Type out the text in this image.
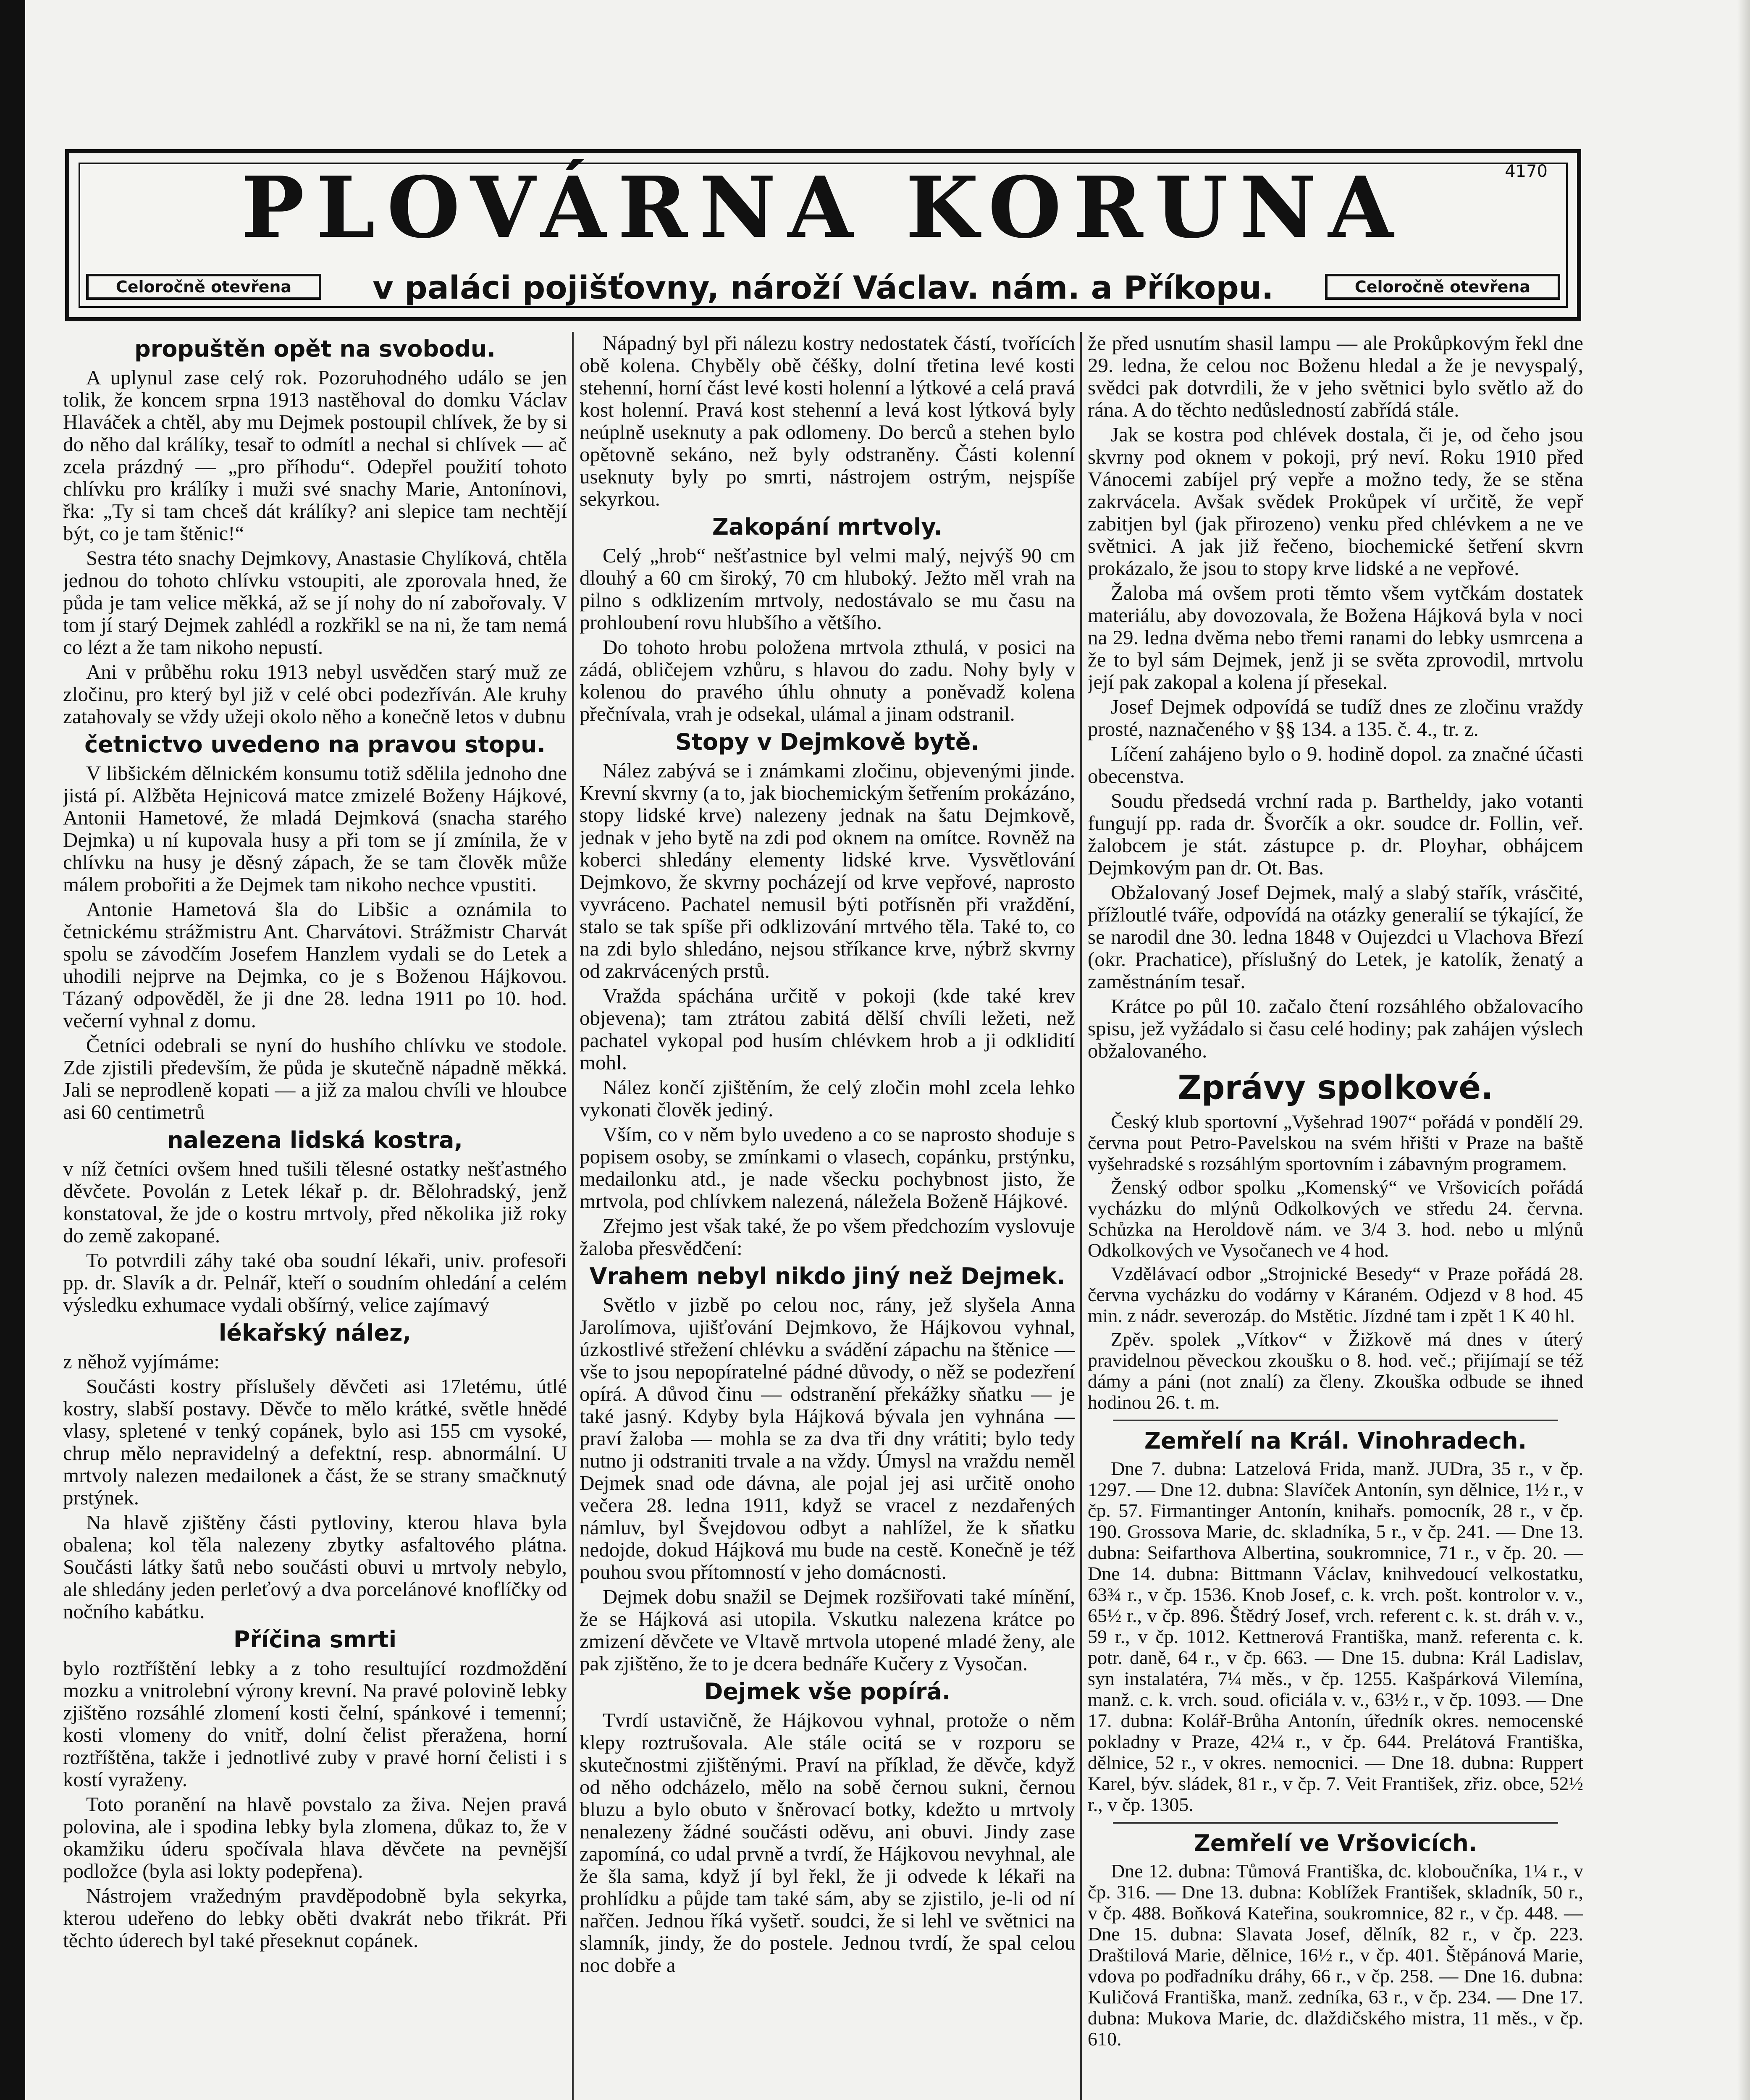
PLOVÁRNA KORUNA	4170
Celoročně otevřena	v paláci pojišťovny, nároží Václav. nám. a Příkopu.	Celoročně otevřena
propuštěn opět na svobodu.

A uplynul zase celý rok. Pozoruhodného událo se jen tolik, že koncem srpna 1913 nastěhoval do domku Václav Hlaváček a chtěl, aby mu Dejmek postoupil chlívek, že by si do něho dal králíky, tesař to odmítl a nechal si chlívek — ač zcela prázdný — „pro příhodu“. Odepřel použití tohoto chlívku pro králíky i muži své snachy Marie, Antonínovi, řka: „Ty si tam chceš dát králíky? ani slepice tam nechtějí být, co je tam štěnic!“

Sestra této snachy Dejmkovy, Anastasie Chylíková, chtěla jednou do tohoto chlívku vstoupiti, ale zporovala hned, že půda je tam velice měkká, až se jí nohy do ní zabořovaly. V tom jí starý Dejmek zahlédl a rozkřikl se na ni, že tam nemá co lézt a že tam nikoho nepustí.

Ani v průběhu roku 1913 nebyl usvědčen starý muž ze zločinu, pro který byl již v celé obci podezříván. Ale kruhy zatahovaly se vždy užeji okolo něho a konečně letos v dubnu

četnictvo uvedeno na pravou stopu.

V libšickém dělnickém konsumu totiž sdělila jednoho dne jistá pí. Alžběta Hejnicová matce zmizelé Boženy Hájkové, Antonii Hametové, že mladá Dejmková (snacha starého Dejmka) u ní kupovala husy a při tom se jí zmínila, že v chlívku na husy je děsný zápach, že se tam člověk může málem probořiti a že Dejmek tam nikoho nechce vpustiti.

Antonie Hametová šla do Libšic a oznámila to četnickému strážmistru Ant. Charvátovi. Strážmistr Charvát spolu se závodčím Josefem Hanzlem vydali se do Letek a uhodili nejprve na Dejmka, co je s Boženou Hájkovou. Tázaný odpověděl, že ji dne 28. ledna 1911 po 10. hod. večerní vyhnal z domu.

Četníci odebrali se nyní do hushího chlívku ve stodole. Zde zjistili především, že půda je skutečně nápadně měkká. Jali se neprodleně kopati — a již za malou chvíli ve hloubce asi 60 centimetrů

nalezena lidská kostra,

v níž četníci ovšem hned tušili tělesné ostatky nešťastného děvčete. Povolán z Letek lékař p. dr. Bělohradský, jenž konstatoval, že jde o kostru mrtvoly, před několika již roky do země zakopané.

To potvrdili záhy také oba soudní lékaři, univ. profesoři pp. dr. Slavík a dr. Pelnář, kteří o soudním ohledání a celém výsledku exhumace vydali obšírný, velice zajímavý

lékařský nález,

z něhož vyjímáme:

Součásti kostry příslušely děvčeti asi 17letému, útlé kostry, slabší postavy. Děvče to mělo krátké, světle hnědé vlasy, spletené v tenký copánek, bylo asi 155 cm vysoké, chrup mělo nepravidelný a defektní, resp. abnormální. U mrtvoly nalezen medailonek a část, že se strany smačknutý prstýnek.

Na hlavě zjištěny části pytloviny, kterou hlava byla obalena; kol těla nalezeny zbytky asfaltového plátna. Součásti látky šatů nebo součásti obuvi u mrtvoly nebylo, ale shledány jeden perleťový a dva porcelánové knoflíčky od nočního kabátku.

Příčina smrti

bylo roztříštění lebky a z toho resultující rozdmoždění mozku a vnitrolební výrony krevní. Na pravé polovině lebky zjištěno rozsáhlé zlomení kosti čelní, spánkové i temenní; kosti vlomeny do vnitř, dolní čelist přeražena, horní roztříštěna, takže i jednotlivé zuby v pravé horní čelisti i s kostí vyraženy.

Toto poranění na hlavě povstalo za živa. Nejen pravá polovina, ale i spodina lebky byla zlomena, důkaz to, že v okamžiku úderu spočívala hlava děvčete na pevnější podložce (byla asi lokty podepřena).

Nástrojem vražedným pravděpodobně byla sekyrka, kterou udeřeno do lebky oběti dvakrát nebo třikrát. Při těchto úderech byl také přeseknut copánek.

Nápadný byl při nálezu kostry nedostatek částí, tvořících obě kolena. Chyběly obě čéšky, dolní třetina levé kosti stehenní, horní část levé kosti holenní a lýtkové a celá pravá kost holenní. Pravá kost stehenní a levá kost lýtková byly neúplně useknuty a pak odlomeny. Do berců a stehen bylo opětovně sekáno, než byly odstraněny. Části kolenní useknuty byly po smrti, nástrojem ostrým, nejspíše sekyrkou.

Zakopání mrtvoly.

Celý „hrob“ nešťastnice byl velmi malý, nejvýš 90 cm dlouhý a 60 cm široký, 70 cm hluboký. Ježto měl vrah na pilno s odklizením mrtvoly, nedostávalo se mu času na prohloubení rovu hlubšího a většího.

Do tohoto hrobu položena mrtvola zthulá, v posici na zádá, obličejem vzhůru, s hlavou do zadu. Nohy byly v kolenou do pravého úhlu ohnuty a poněvadž kolena přečnívala, vrah je odsekal, ulámal a jinam odstranil.

Stopy v Dejmkově bytě.

Nález zabývá se i známkami zločinu, objevenými jinde. Krevní skvrny (a to, jak biochemickým šetřením prokázáno, stopy lidské krve) nalezeny jednak na šatu Dejmkově, jednak v jeho bytě na zdi pod oknem na omítce. Rovněž na koberci shledány elementy lidské krve. Vysvětlování Dejmkovo, že skvrny pocházejí od krve vepřové, naprosto vyvráceno. Pachatel nemusil býti potřísněn při vraždění, stalo se tak spíše při odklizování mrtvého těla. Také to, co na zdi bylo shledáno, nejsou stříkance krve, nýbrž skvrny od zakrvácených prstů.

Vražda spáchána určitě v pokoji (kde také krev objevena); tam ztrátou zabitá dělší chvíli ležeti, než pachatel vykopal pod husím chlévkem hrob a ji odklidití mohl.

Nález končí zjištěním, že celý zločin mohl zcela lehko vykonati člověk jediný.

Vším, co v něm bylo uvedeno a co se naprosto shoduje s popisem osoby, se zmínkami o vlasech, copánku, prstýnku, medailonku atd., je nade všecku pochybnost jisto, že mrtvola, pod chlívkem nalezená, náležela Boženě Hájkové.

Zřejmo jest však také, že po všem předchozím vyslovuje žaloba přesvědčení:

Vrahem nebyl nikdo jiný než Dejmek.

Světlo v jizbě po celou noc, rány, jež slyšela Anna Jarolímova, ujišťování Dejmkovo, že Hájkovou vyhnal, úzkostlivé střežení chlévku a svádění zápachu na štěnice — vše to jsou nepopíratelné pádné důvody, o něž se podezření opírá. A důvod činu — odstranění překážky sňatku — je také jasný. Kdyby byla Hájková bývala jen vyhnána — praví žaloba — mohla se za dva tři dny vrátiti; bylo tedy nutno ji odstraniti trvale a na vždy. Úmysl na vraždu neměl Dejmek snad ode dávna, ale pojal jej asi určitě onoho večera 28. ledna 1911, když se vracel z nezdařených námluv, byl Švejdovou odbyt a nahlížel, že k sňatku nedojde, dokud Hájková mu bude na cestě. Konečně je též pouhou svou přítomností v jeho domácnosti.

Dejmek dobu snažil se Dejmek rozšiřovati také mínění, že se Hájková asi utopila. Vskutku nalezena krátce po zmizení děvčete ve Vltavě mrtvola utopené mladé ženy, ale pak zjištěno, že to je dcera bednáře Kučery z Vysočan.

Dejmek vše popírá.

Tvrdí ustavičně, že Hájkovou vyhnal, protože o něm klepy roztrušovala. Ale stále ocitá se v rozporu se skutečnostmi zjištěnými. Praví na příklad, že děvče, když od něho odcházelo, mělo na sobě černou sukni, černou bluzu a bylo obuto v šněrovací botky, kdežto u mrtvoly nenalezeny žádné součásti oděvu, ani obuvi. Jindy zase zapomíná, co udal prvně a tvrdí, že Hájkovou nevyhnal, ale že šla sama, když jí byl řekl, že ji odvede k lékaři na prohlídku a půjde tam také sám, aby se zjistilo, je-li od ní nařčen. Jednou říká vyšetř. soudci, že si lehl ve světnici na slamník, jindy, že do postele. Jednou tvrdí, že spal celou noc dobře a

že před usnutím shasil lampu — ale Prokůpkovým řekl dne 29. ledna, že celou noc Boženu hledal a že je nevyspalý, svědci pak dotvrdili, že v jeho světnici bylo světlo až do rána. A do těchto nedůsledností zabřídá stále.

Jak se kostra pod chlévek dostala, či je, od čeho jsou skvrny pod oknem v pokoji, prý neví. Roku 1910 před Vánocemi zabíjel prý vepře a možno tedy, že se stěna zakrvácela. Avšak svědek Prokůpek ví určitě, že vepř zabitjen byl (jak přirozeno) venku před chlévkem a ne ve světnici. A jak již řečeno, biochemické šetření skvrn prokázalo, že jsou to stopy krve lidské a ne vepřové.

Žaloba má ovšem proti těmto všem vytčkám dostatek materiálu, aby dovozovala, že Božena Hájková byla v noci na 29. ledna dvěma nebo třemi ranami do lebky usmrcena a že to byl sám Dejmek, jenž ji se světa zprovodil, mrtvolu její pak zakopal a kolena jí přesekal.

Josef Dejmek odpovídá se tudíž dnes ze zločinu vraždy prosté, naznačeného v §§ 134. a 135. č. 4., tr. z.

Líčení zahájeno bylo o 9. hodině dopol. za značné účasti obecenstva.

Soudu předsedá vrchní rada p. Bartheldy, jako votanti fungují pp. rada dr. Švorčík a okr. soudce dr. Follin, veř. žalobcem je stát. zástupce p. dr. Ployhar, obhájcem Dejmkovým pan dr. Ot. Bas.

Obžalovaný Josef Dejmek, malý a slabý stařík, vrásčité, přížloutlé tváře, odpovídá na otázky generalií se týkající, že se narodil dne 30. ledna 1848 v Oujezdci u Vlachova Březí (okr. Prachatice), příslušný do Letek, je katolík, ženatý a zaměstnáním tesař.

Krátce po půl 10. začalo čtení rozsáhlého obžalovacího spisu, jež vyžádalo si času celé hodiny; pak zahájen výslech obžalovaného.

Zprávy spolkové.

Český klub sportovní „Vyšehrad 1907“ pořádá v pondělí 29. června pout Petro-Pavelskou na svém hřišti v Praze na baště vyšehradské s rozsáhlým sportovním i zábavným programem.

Ženský odbor spolku „Komenský“ ve Vršovicích pořádá vycházku do mlýnů Odkolkových ve středu 24. června. Schůzka na Heroldově nám. ve 3/4 3. hod. nebo u mlýnů Odkolkových ve Vysočanech ve 4 hod.

Vzdělávací odbor „Strojnické Besedy“ v Praze pořádá 28. června vycházku do vodárny v Káraném. Odjezd v 8 hod. 45 min. z nádr. severozáp. do Mstětic. Jízdné tam i zpět 1 K 40 hl.

Zpěv. spolek „Vítkov“ v Žižkově má dnes v úterý pravidelnou pěveckou zkoušku o 8. hod. več.; přijímají se též dámy a páni (not znalí) za členy. Zkouška odbude se ihned hodinou 26. t. m.

Zemřelí na Král. Vinohradech.

Dne 7. dubna: Latzelová Frida, manž. JUDra, 35 r., v čp. 1297. — Dne 12. dubna: Slavíček Antonín, syn dělnice, 1½ r., v čp. 57. Firmantinger Antonín, knihařs. pomocník, 28 r., v čp. 190. Grossova Marie, dc. skladníka, 5 r., v čp. 241. — Dne 13. dubna: Seifarthova Albertina, soukromnice, 71 r., v čp. 20. — Dne 14. dubna: Bittmann Václav, knihvedoucí velkostatku, 63¾ r., v čp. 1536. Knob Josef, c. k. vrch. pošt. kontrolor v. v., 65½ r., v čp. 896. Štědrý Josef, vrch. referent c. k. st. dráh v. v., 59 r., v čp. 1012. Kettnerová Františka, manž. referenta c. k. potr. daně, 64 r., v čp. 663. — Dne 15. dubna: Král Ladislav, syn instalatéra, 7¼ měs., v čp. 1255. Kašpárková Vilemína, manž. c. k. vrch. soud. oficiála v. v., 63½ r., v čp. 1093. — Dne 17. dubna: Kolář-Brůha Antonín, úředník okres. nemocenské pokladny v Praze, 42¼ r., v čp. 644. Prelátová Františka, dělnice, 52 r., v okres. nemocnici. — Dne 18. dubna: Ruppert Karel, býv. sládek, 81 r., v čp. 7. Veit František, zřiz. obce, 52½ r., v čp. 1305.

Zemřelí ve Vršovicích.

Dne 12. dubna: Tůmová Františka, dc. kloboučníka, 1¼ r., v čp. 316. — Dne 13. dubna: Koblížek František, skladník, 50 r., v čp. 488. Boňková Kateřina, soukromnice, 82 r., v čp. 448. — Dne 15. dubna: Slavata Josef, dělník, 82 r., v čp. 223. Draštilová Marie, dělnice, 16½ r., v čp. 401. Štěpánová Marie, vdova po podřadníku dráhy, 66 r., v čp. 258. — Dne 16. dubna: Kuličová Františka, manž. zedníka, 63 r., v čp. 234. — Dne 17. dubna: Mukova Marie, dc. dlaždičského mistra, 11 měs., v čp. 610.
